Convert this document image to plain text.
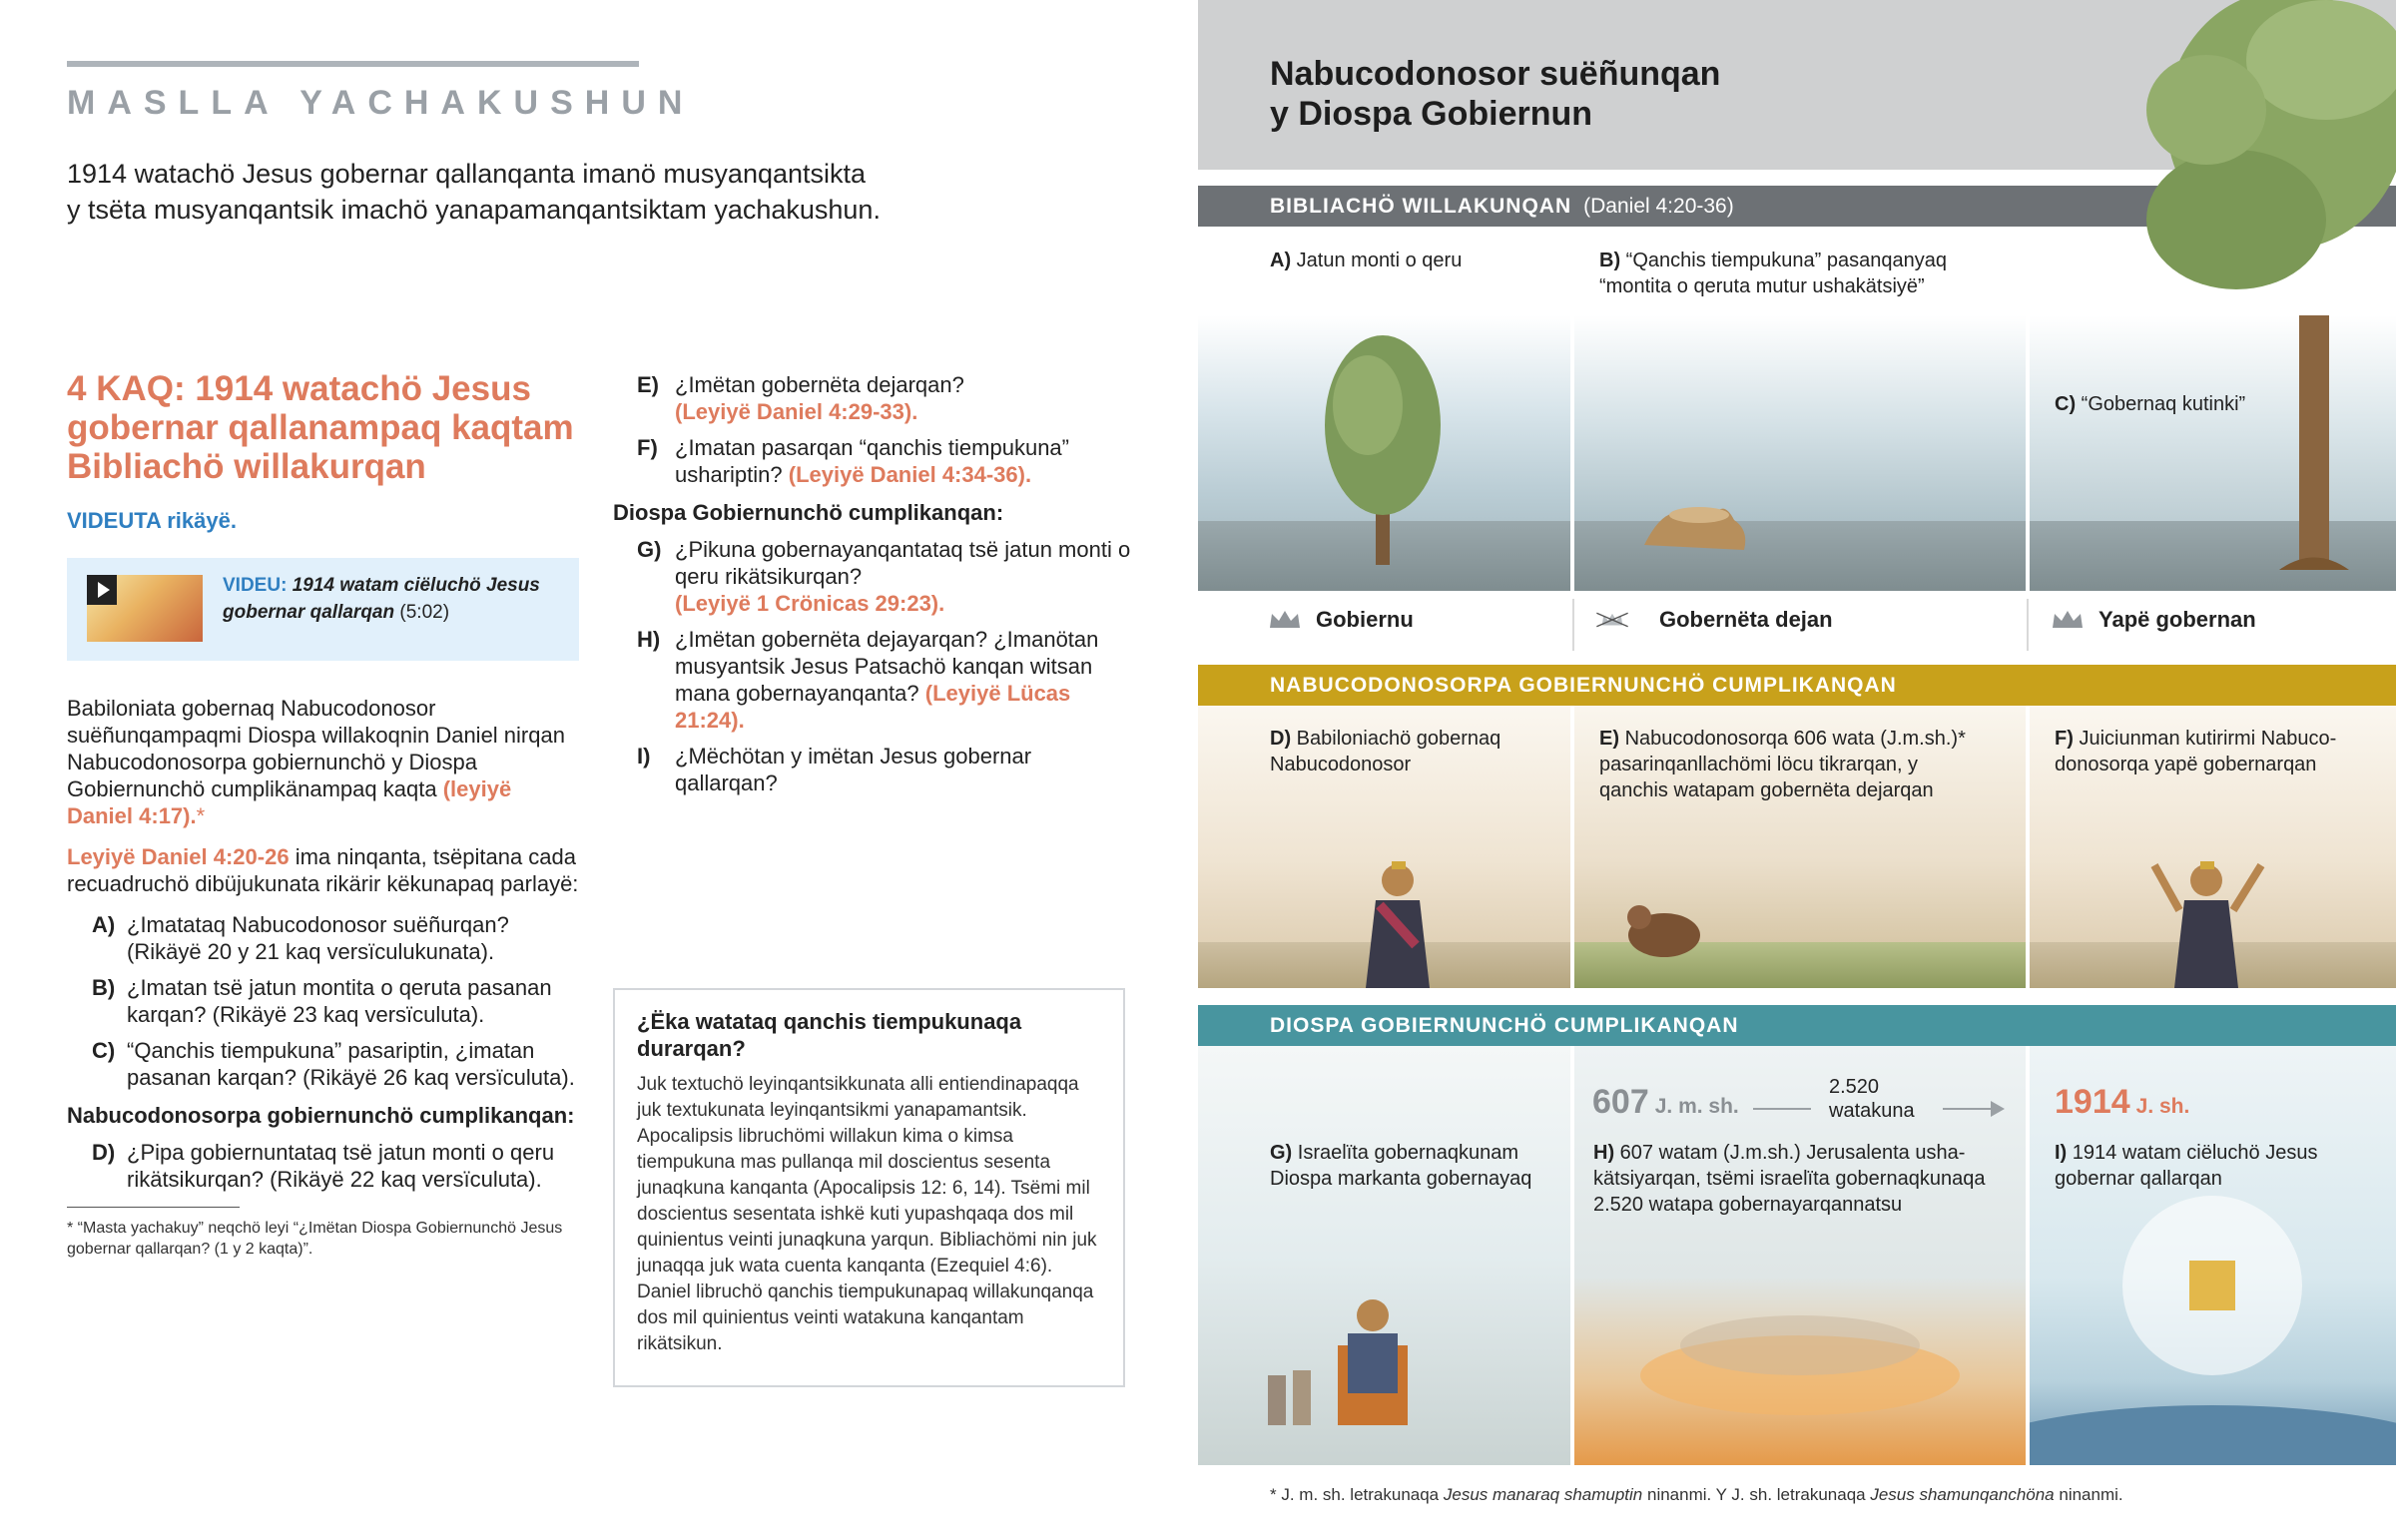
MASLLA YACHAKUSHUN
1914 watachö Jesus gobernar qallanqanta imanö musyanqantsikta
y tsëta musyanqantsik imachö yanapamanqantsiktam yachakushun.
4 KAQ: 1914 watachö Jesus gobernar qallanampaq kaqtam Bibliachö willakurqan
VIDEUTA rikäyë.
VIDEU: 1914 watam ciëluchö Jesus gobernar qallarqan (5:02)
Babiloniata gobernaq Nabucodonosor suëñunqampaqmi Diospa willakoqnin Daniel nirqan Nabucodonosorpa gobiernunchö y Diospa Gobiernunchö cumplikänampaq kaqta (leyiyë Daniel 4:17).*
Leyiyë Daniel 4:20-26 ima ninqanta, tsëpitana cada recuadruchö dibüjukunata rikärir këkunapaq parlayë:
A) ¿Imatataq Nabucodonosor suëñurqan? (Rikäyë 20 y 21 kaq versïculukunata).
B) ¿Imatan tsë jatun montita o qeruta pasanan karqan? (Rikäyë 23 kaq versïculuta).
C) “Qanchis tiempukuna” pasariptin, ¿imatan pasanan karqan? (Rikäyë 26 kaq versïculuta).
Nabucodonosorpa gobiernunchö cumplikanqan:
D) ¿Pipa gobiernuntataq tsë jatun monti o qeru rikätsikurqan? (Rikäyë 22 kaq versïculuta).
* “Masta yachakuy” neqchö leyi “¿Imëtan Diospa Gobiernunchö Jesus gobernar qallarqan? (1 y 2 kaqta)”.
E) ¿Imëtan gobernëta dejarqan?
(Leyiyë Daniel 4:29-33).
F) ¿Imatan pasarqan “qanchis tiempukuna” ushariptin? (Leyiyë Daniel 4:34-36).
Diospa Gobiernunchö cumplikanqan:
G) ¿Pikuna gobernayanqantataq tsë jatun monti o qeru rikätsikurqan?
(Leyiyë 1 Crönicas 29:23).
H) ¿Imëtan gobernëta dejayarqan? ¿Imanötan musyantsik Jesus Patsachö kanqan witsan mana gobernayanqanta? (Leyiyë Lücas 21:24).
I)	¿Mëchötan y imëtan Jesus gobernar qallarqan?
¿Ëka watataq qanchis tiempukunaqa durarqan?
Juk textuchö leyinqantsikkunata alli entiendinapaqqa juk textukunata leyinqantsikmi yanapamantsik. Apocalipsis libruchömi willakun kima o kimsa tiempukuna mas pullanqa mil doscientus sesenta junaqkuna kanqanta (Apocalipsis 12: 6, 14). Tsëmi mil doscientus sesentata ishkë kuti yupashqaqa dos mil quinientus veinti junaqkuna yarqun. Bibliachömi nin juk junaqqa juk wata cuenta kanqanta (Ezequiel 4:6). Daniel libruchö qanchis tiempukunapaq willakunqanqa dos mil quinientus veinti watakuna kanqantam rikätsikun.
Nabucodonosor suëñunqan
y Diospa Gobiernun
BIBLIACHÖ WILLAKUNQAN (Daniel 4:20-36)
A) Jatun monti o qeru	B) “Qanchis tiempukuna” pasanqanyaq
“montita o qeruta mutur ushakätsiyë”
C) “Gobernaq kutinki”
Gobiernu	Gobernëta dejan	Yapë gobernan
NABUCODONOSORPA GOBIERNUNCHÖ CUMPLIKANQAN
D) Babiloniachö gobernaq
Nabucodonosor
E) Nabucodonosorqa 606 wata (J.m.sh.)*
pasarinqanllachömi löcu tikrarqan, y
qanchis watapam gobernëta dejarqan
F) Juiciunman kutirirmi Nabuco-
donosorqa yapë gobernarqan
DIOSPA GOBIERNUNCHÖ CUMPLIKANQAN
607 J. m. sh.
2.520
watakuna	1914 J. sh.
G) Israelïta gobernaqkunam
Diospa markanta gobernayaq
H) 607 watam (J.m.sh.) Jerusalenta usha-
kätsiyarqan, tsëmi israelïta gobernaqkunaqa
2.520 watapa gobernayarqannatsu
I) 1914 watam ciëluchö Jesus
gobernar qallarqan
* J. m. sh. letrakunaqa Jesus manaraq shamuptin ninanmi. Y J. sh. letrakunaqa Jesus shamunqanchöna ninanmi.
